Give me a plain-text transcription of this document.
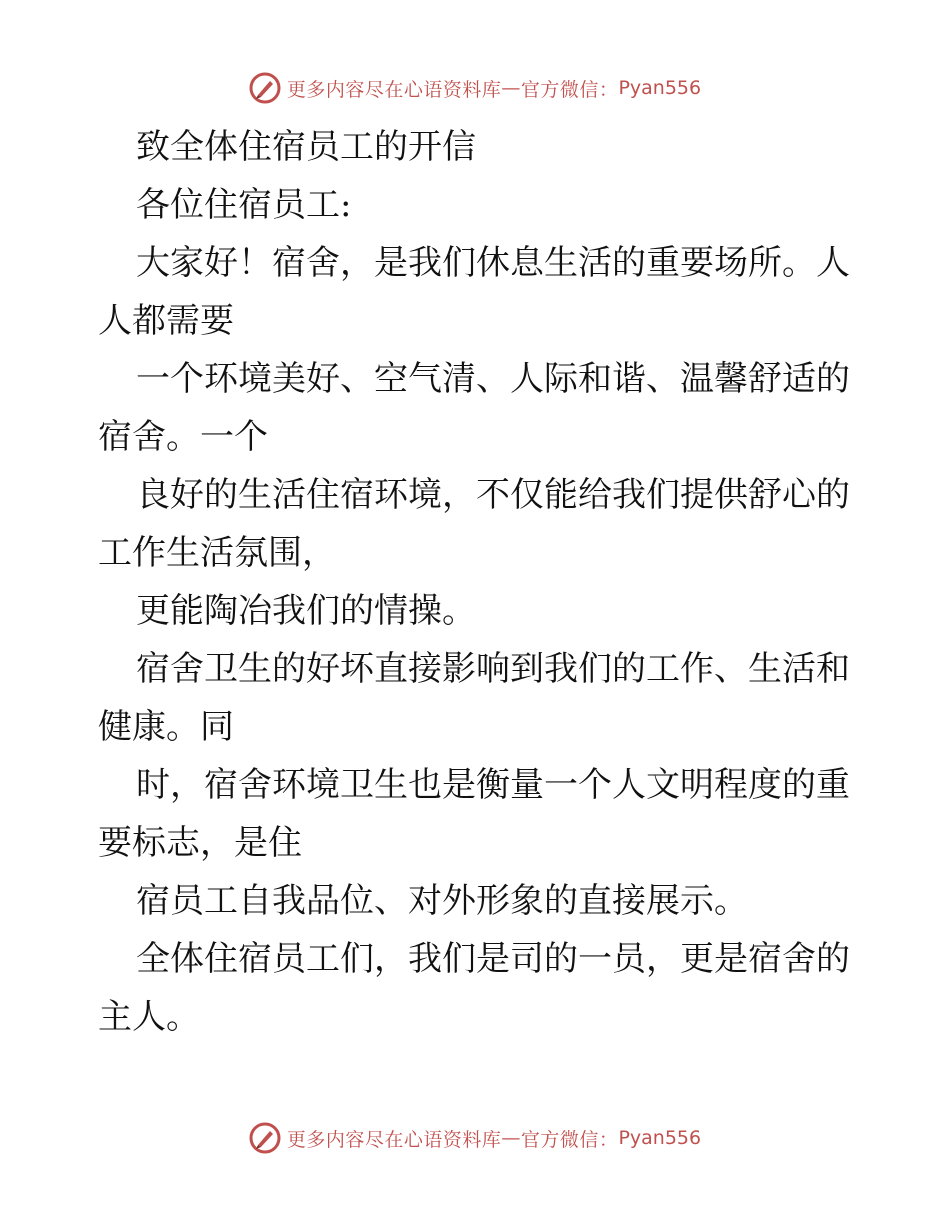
更多内容尽在心语资料库 — 官方微信： Pyan556

致全体住宿员工的开信

各位住宿员工:

大家好！宿舍，是我们休息生活的重要场所。人人都需要

一个环境美好、空气清、人际和谐、温馨舒适的宿舍。一个

良好的生活住宿环境，不仅能给我们提供舒心的工作生活氛围，

更能陶冶我们的情操。

宿舍卫生的好坏直接影响到我们的工作、生活和健康。同

时，宿舍环境卫生也是衡量一个人文明程度的重要标志，是住

宿员工自我品位、对外形象的直接展示。

全体住宿员工们，我们是司的一员，更是宿舍的主人。

更多内容尽在心语资料库 — 官方微信： Pyan556
